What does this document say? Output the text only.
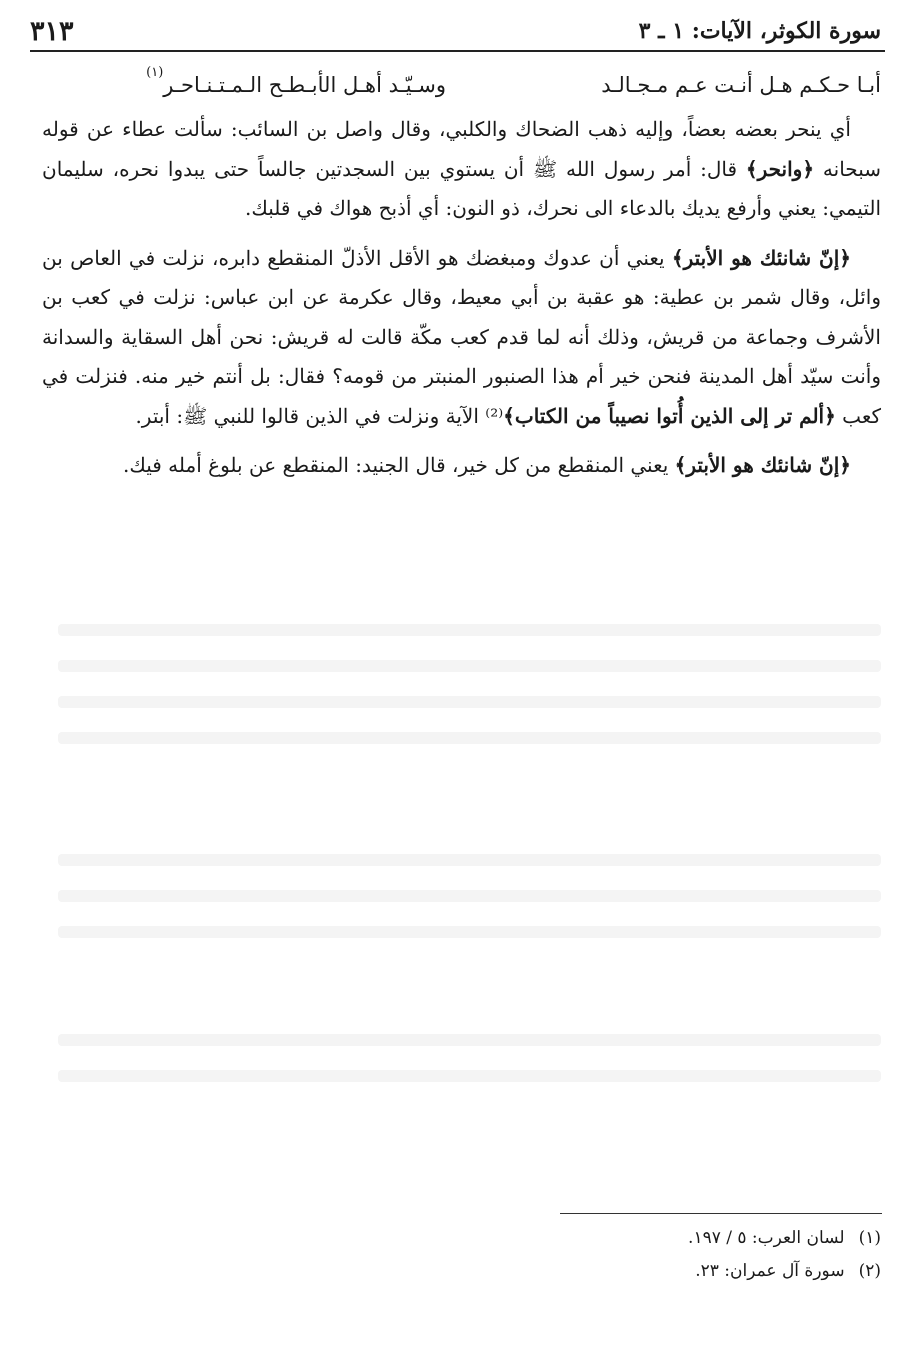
سورة الكوثر، الآيات: ١ ـ ٣
٣١٣
أبـا حـكـم هـل أنـت عـم مـجـالـد
وسـيّـد أهـل الأبـطـح الـمـتـنـاحـر$^{(١)}$

أي ينحر بعضه بعضاً، وإليه ذهب الضحاك والكلبي، وقال واصل بن السائب: سألت عطاء عن قوله سبحانه ﴿وانحر﴾ قال: أمر رسول الله ﷺ أن يستوي بين السجدتين جالساً حتى يبدوا نحره، سليمان التيمي: يعني وأرفع يديك بالدعاء الى نحرك، ذو النون: أي أذبح هواك في قلبك.

﴿إنّ شانئك هو الأبتر﴾ يعني أن عدوك ومبغضك هو الأقل الأذلّ المنقطع دابره، نزلت في العاص بن وائل، وقال شمر بن عطية: هو عقبة بن أبي معيط، وقال عكرمة عن ابن عباس: نزلت في كعب بن الأشرف وجماعة من قريش، وذلك أنه لما قدم كعب مكّة قالت له قريش: نحن أهل السقاية والسدانة وأنت سيّد أهل المدينة فنحن خير أم هذا الصنبور المنبتر من قومه؟ فقال: بل أنتم خير منه. فنزلت في كعب ﴿ألم تر إلى الذين أُتوا نصيباً من الكتاب﴾⁽²⁾ الآية ونزلت في الذين قالوا للنبي ﷺ: أبتر.

﴿إنّ شانئك هو الأبتر﴾ يعني المنقطع من كل خير، قال الجنيد: المنقطع عن بلوغ أمله فيك.

(١)لسان العرب: ٥ / ١٩٧.
(٢)سورة آل عمران: ٢٣.
